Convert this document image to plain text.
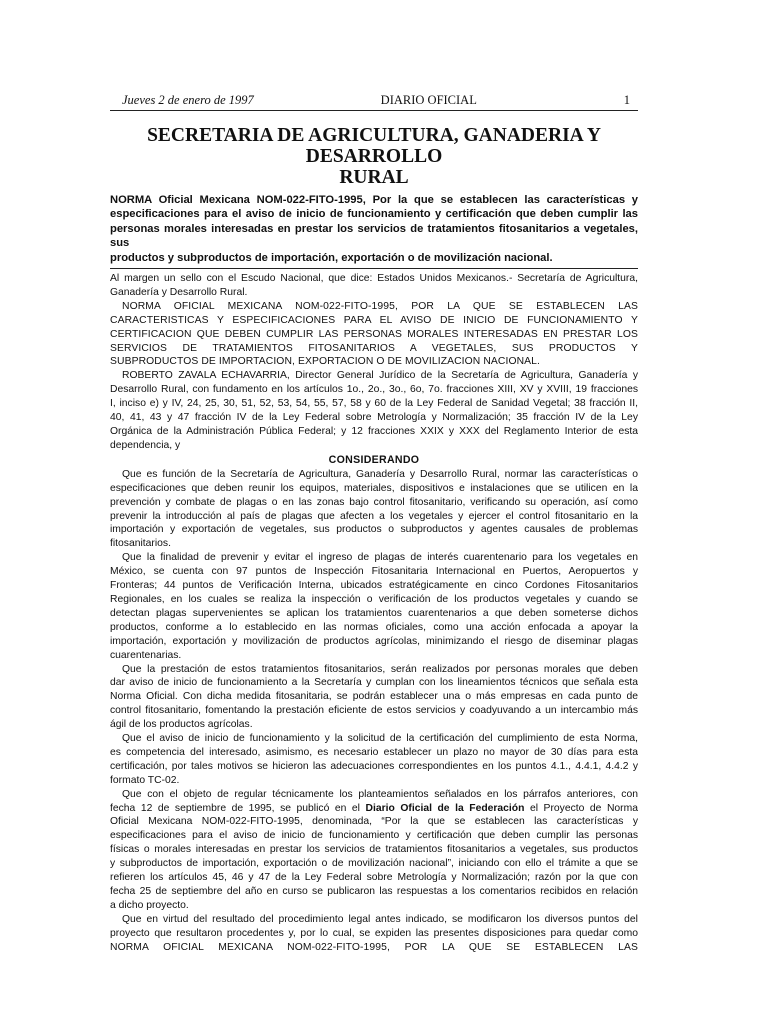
Jueves 2 de enero de 1997	DIARIO OFICIAL	1
SECRETARIA DE AGRICULTURA, GANADERIA Y DESARROLLO
RURAL
NORMA Oficial Mexicana NOM-022-FITO-1995, Por la que se establecen las características y
especificaciones para el aviso de inicio de funcionamiento y certificación que deben cumplir las
personas morales interesadas en prestar los servicios de tratamientos fitosanitarios a vegetales, sus
productos y subproductos de importación, exportación o de movilización nacional.

Al margen un sello con el Escudo Nacional, que dice: Estados Unidos Mexicanos.- Secretaría de Agricultura,
Ganadería y Desarrollo Rural.

NORMA OFICIAL MEXICANA NOM-022-FITO-1995, POR LA QUE SE ESTABLECEN LAS
CARACTERISTICAS Y ESPECIFICACIONES PARA EL AVISO DE INICIO DE FUNCIONAMIENTO Y
CERTIFICACION QUE DEBEN CUMPLIR LAS PERSONAS MORALES INTERESADAS EN PRESTAR LOS
SERVICIOS DE TRATAMIENTOS FITOSANITARIOS A VEGETALES, SUS PRODUCTOS Y
SUBPRODUCTOS DE IMPORTACION, EXPORTACION O DE MOVILIZACION NACIONAL.

ROBERTO ZAVALA ECHAVARRIA, Director General Jurídico de la Secretaría de Agricultura, Ganadería y
Desarrollo Rural, con fundamento en los artículos 1o., 2o., 3o., 6o, 7o. fracciones XIII, XV y XVIII, 19 fracciones
I, inciso e) y IV, 24, 25, 30, 51, 52, 53, 54, 55, 57, 58 y 60 de la Ley Federal de Sanidad Vegetal; 38 fracción II,
40, 41, 43 y 47 fracción IV de la Ley Federal sobre Metrología y Normalización; 35 fracción IV de la Ley
Orgánica de la Administración Pública Federal; y 12 fracciones XXIX y XXX del Reglamento Interior de esta
dependencia, y

CONSIDERANDO

Que es función de la Secretaría de Agricultura, Ganadería y Desarrollo Rural, normar las características o
especificaciones que deben reunir los equipos, materiales, dispositivos e instalaciones que se utilicen en la
prevención y combate de plagas o en las zonas bajo control fitosanitario, verificando su operación, así como
prevenir la introducción al país de plagas que afecten a los vegetales y ejercer el control fitosanitario en la
importación y exportación de vegetales, sus productos o subproductos y agentes causales de problemas
fitosanitarios.

Que la finalidad de prevenir y evitar el ingreso de plagas de interés cuarentenario para los vegetales en
México, se cuenta con 97 puntos de Inspección Fitosanitaria Internacional en Puertos, Aeropuertos y
Fronteras; 44 puntos de Verificación Interna, ubicados estratégicamente en cinco Cordones Fitosanitarios
Regionales, en los cuales se realiza la inspección o verificación de los productos vegetales y cuando se
detectan plagas supervenientes se aplican los tratamientos cuarentenarios a que deben someterse dichos
productos, conforme a lo establecido en las normas oficiales, como una acción enfocada a apoyar la
importación, exportación y movilización de productos agrícolas, minimizando el riesgo de diseminar plagas
cuarentenarias.

Que la prestación de estos tratamientos fitosanitarios, serán realizados por personas morales que deben
dar aviso de inicio de funcionamiento a la Secretaría y cumplan con los lineamientos técnicos que señala esta
Norma Oficial. Con dicha medida fitosanitaria, se podrán establecer una o más empresas en cada punto de
control fitosanitario, fomentando la prestación eficiente de estos servicios y coadyuvando a un intercambio más
ágil de los productos agrícolas.

Que el aviso de inicio de funcionamiento y la solicitud de la certificación del cumplimiento de esta Norma,
es competencia del interesado, asimismo, es necesario establecer un plazo no mayor de 30 días para esta
certificación, por tales motivos se hicieron las adecuaciones correspondientes en los puntos 4.1., 4.4.1, 4.4.2 y
formato TC-02.

Que con el objeto de regular técnicamente los planteamientos señalados en los párrafos anteriores, con
fecha 12 de septiembre de 1995, se publicó en el Diario Oficial de la Federación el Proyecto de Norma
Oficial Mexicana NOM-022-FITO-1995, denominada, “Por la que se establecen las características y
especificaciones para el aviso de inicio de funcionamiento y certificación que deben cumplir las personas
físicas o morales interesadas en prestar los servicios de tratamientos fitosanitarios a vegetales, sus productos
y subproductos de importación, exportación o de movilización nacional”, iniciando con ello el trámite a que se
refieren los artículos 45, 46 y 47 de la Ley Federal sobre Metrología y Normalización; razón por la que con
fecha 25 de septiembre del año en curso se publicaron las respuestas a los comentarios recibidos en relación
a dicho proyecto.

Que en virtud del resultado del procedimiento legal antes indicado, se modificaron los diversos puntos del
proyecto que resultaron procedentes y, por lo cual, se expiden las presentes disposiciones para quedar como
NORMA OFICIAL MEXICANA NOM-022-FITO-1995, POR LA QUE SE ESTABLECEN LAS
